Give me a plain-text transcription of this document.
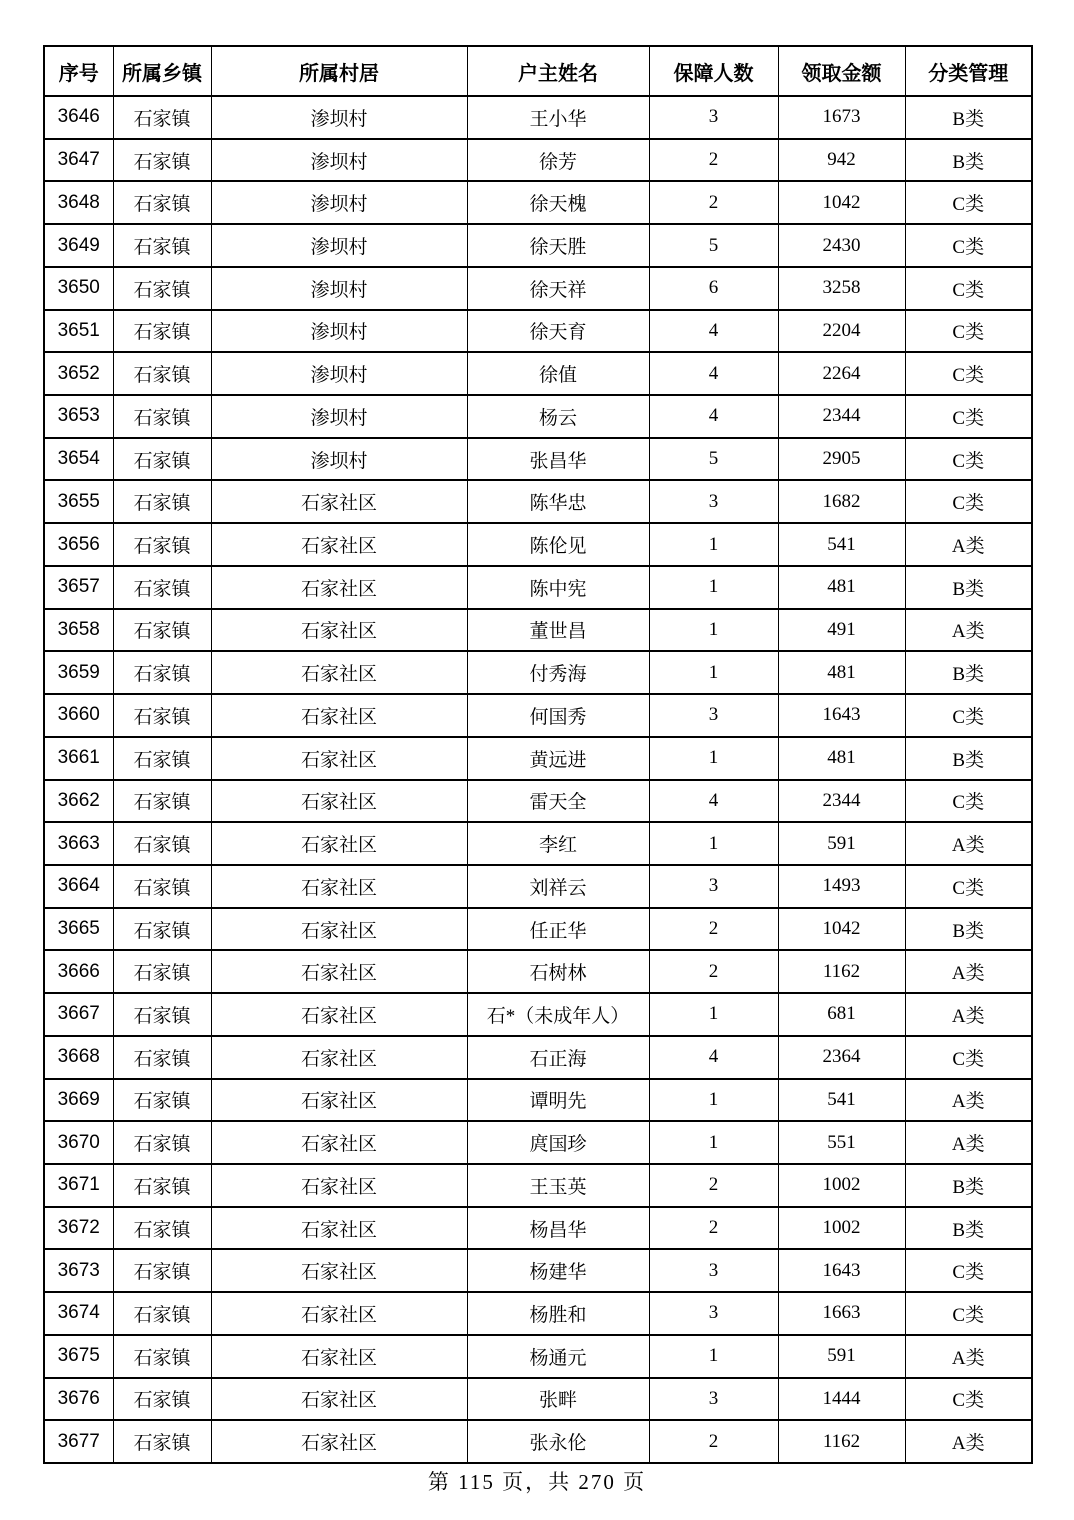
序号	所属乡镇	所属村居	户主姓名	保障人数	领取金额	分类管理
3646	石家镇	渗坝村	王小华	3	1673	B类
3647	石家镇	渗坝村	徐芳	2	942	B类
3648	石家镇	渗坝村	徐天槐	2	1042	C类
3649	石家镇	渗坝村	徐天胜	5	2430	C类
3650	石家镇	渗坝村	徐天祥	6	3258	C类
3651	石家镇	渗坝村	徐天育	4	2204	C类
3652	石家镇	渗坝村	徐值	4	2264	C类
3653	石家镇	渗坝村	杨云	4	2344	C类
3654	石家镇	渗坝村	张昌华	5	2905	C类
3655	石家镇	石家社区	陈华忠	3	1682	C类
3656	石家镇	石家社区	陈伦见	1	541	A类
3657	石家镇	石家社区	陈中宪	1	481	B类
3658	石家镇	石家社区	董世昌	1	491	A类
3659	石家镇	石家社区	付秀海	1	481	B类
3660	石家镇	石家社区	何国秀	3	1643	C类
3661	石家镇	石家社区	黄远进	1	481	B类
3662	石家镇	石家社区	雷天全	4	2344	C类
3663	石家镇	石家社区	李红	1	591	A类
3664	石家镇	石家社区	刘祥云	3	1493	C类
3665	石家镇	石家社区	任正华	2	1042	B类
3666	石家镇	石家社区	石树林	2	1162	A类
3667	石家镇	石家社区	石*（未成年人）	1	681	A类
3668	石家镇	石家社区	石正海	4	2364	C类
3669	石家镇	石家社区	谭明先	1	541	A类
3670	石家镇	石家社区	庹国珍	1	551	A类
3671	石家镇	石家社区	王玉英	2	1002	B类
3672	石家镇	石家社区	杨昌华	2	1002	B类
3673	石家镇	石家社区	杨建华	3	1643	C类
3674	石家镇	石家社区	杨胜和	3	1663	C类
3675	石家镇	石家社区	杨通元	1	591	A类
3676	石家镇	石家社区	张畔	3	1444	C类
3677	石家镇	石家社区	张永伦	2	1162	A类
第 115 页，共 270 页
